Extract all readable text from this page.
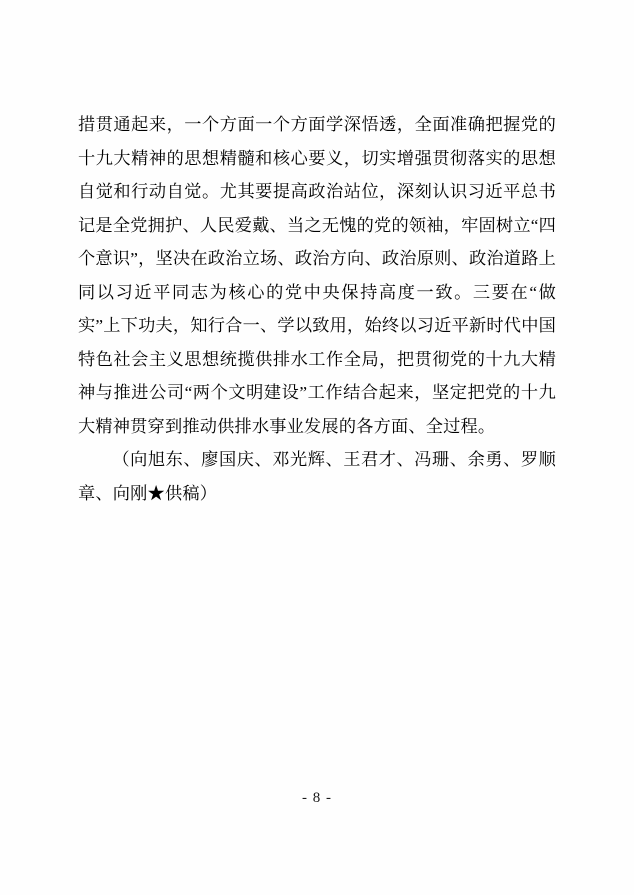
措贯通起来，一个方面一个方面学深悟透，全面准确把握党的十九大精神的思想精髓和核心要义，切实增强贯彻落实的思想自觉和行动自觉。尤其要提高政治站位，深刻认识习近平总书记是全党拥护、人民爱戴、当之无愧的党的领袖，牢固树立“四个意识”，坚决在政治立场、政治方向、政治原则、政治道路上同以习近平同志为核心的党中央保持高度一致。三要在“做实”上下功夫，知行合一、学以致用，始终以习近平新时代中国特色社会主义思想统揽供排水工作全局，把贯彻党的十九大精神与推进公司“两个文明建设”工作结合起来，坚定把党的十九大精神贯穿到推动供排水事业发展的各方面、全过程。

（向旭东、廖国庆、邓光辉、王君才、冯珊、余勇、罗顺章、向刚★供稿）

- 8 -
